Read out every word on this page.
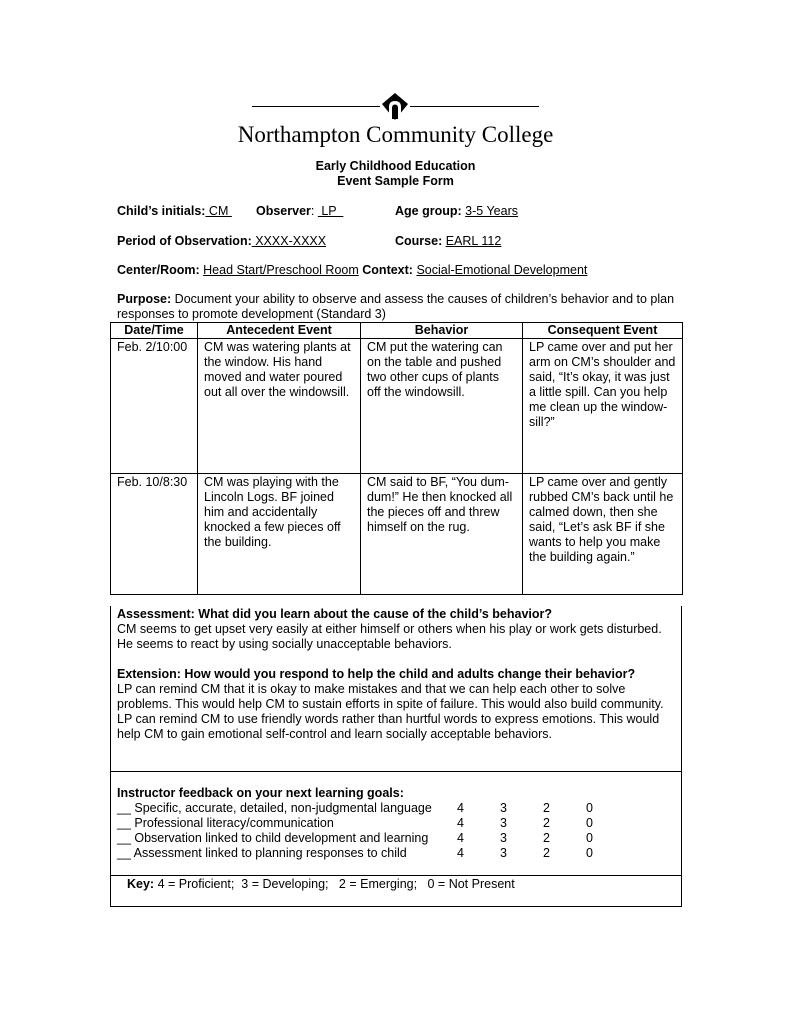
Northampton Community College
Early Childhood Education
Event Sample Form
Child’s initials: CM Observer:  LP	Age group: 3-5 Years
Period of Observation: XXXX-XXXX	Course: EARL 112
Center/Room: Head Start/Preschool Room Context: Social-Emotional Development
Purpose: Document your ability to observe and assess the causes of children’s behavior and to plan responses to promote development (Standard 3)
Date/Time	Antecedent Event	Behavior	Consequent Event
Feb. 2/10:00	CM was watering plants at the window. His hand moved and water poured out all over the windowsill.	CM put the watering can on the table and pushed two other cups of plants off the windowsill.	LP came over and put her arm on CM’s shoulder and said, “It’s okay, it was just a little spill. Can you help me clean up the window-sill?”
Feb. 10/8:30	CM was playing with the Lincoln Logs. BF joined him and accidentally knocked a few pieces off the building.	CM said to BF, “You dum-dum!” He then knocked all the pieces off and threw himself on the rug.	LP came over and gently rubbed CM’s back until he calmed down, then she said, “Let’s ask BF if she wants to help you make the building again.”

Assessment: What did you learn about the cause of the child’s behavior?

CM seems to get upset very easily at either himself or others when his play or work gets disturbed. He seems to react by using socially unacceptable behaviors.

Extension: How would you respond to help the child and adults change their behavior?

LP can remind CM that it is okay to make mistakes and that we can help each other to solve problems. This would help CM to sustain efforts in spite of failure. This would also build community.

LP can remind CM to use friendly words rather than hurtful words to express emotions. This would help CM to gain emotional self-control and learn socially acceptable behaviors.

Instructor feedback on your next learning goals:

__ Specific, accurate, detailed, non-judgmental language	4	3	2	0
__ Professional literacy/communication	4	3	2	0
__ Observation linked to child development and learning	4	3	2	0
__ Assessment linked to planning responses to child	4	3	2	0
Key: 4 = Proficient;  3 = Developing;   2 = Emerging;   0 = Not Present
